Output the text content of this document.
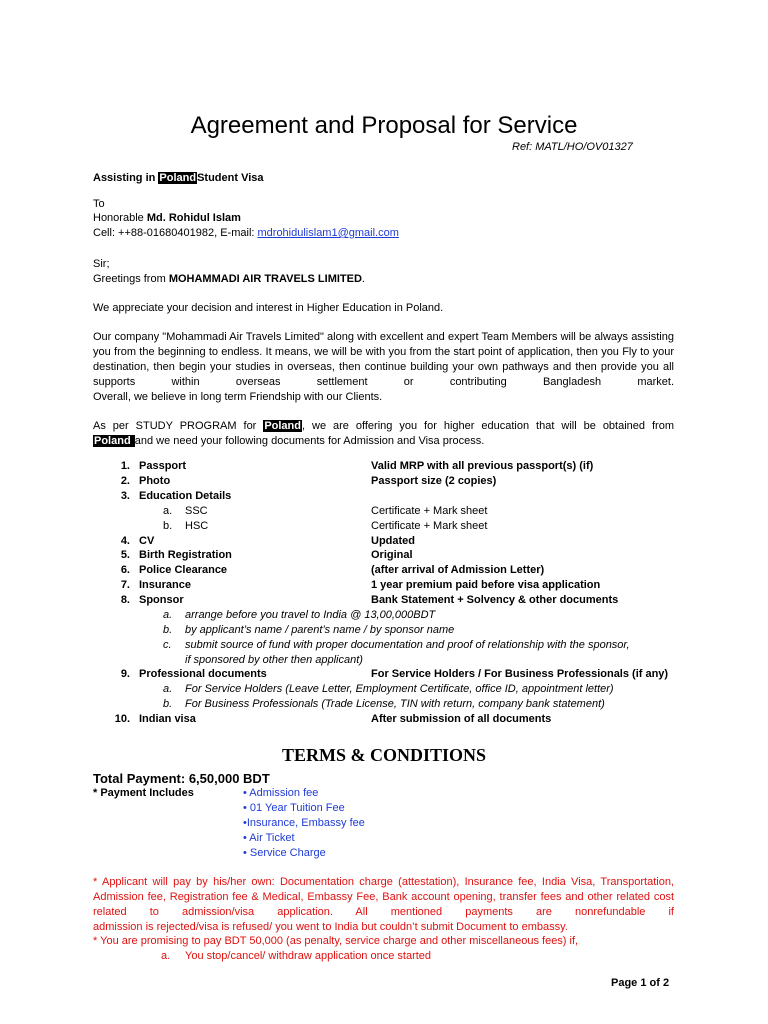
Agreement and Proposal for Service
Ref: MATL/HO/OV01327
Assisting in PolandStudent Visa
To
Honorable Md. Rohidul Islam
Cell: ++88-01680401982, E-mail: mdrohidulislam1@gmail.com
Sir;
Greetings from MOHAMMADI AIR TRAVELS LIMITED.
We appreciate your decision and interest in Higher Education in Poland.
Our company "Mohammadi Air Travels Limited" along with excellent and expert Team Members will be always assisting you from the beginning to endless. It means, we will be with you from the start point of application, then you Fly to your destination, then begin your studies in overseas, then continue building your own pathways and then provide you all supports within overseas settlement or contributing Bangladesh market.
Overall, we believe in long term Friendship with our Clients.
As per STUDY PROGRAM for Poland, we are offering you for higher education that will be obtained from
Poland and we need your following documents for Admission and Visa process.
1. Passport	Valid MRP with all previous passport(s) (if)
2. Photo	Passport size (2 copies)
3. Education Details
a. SSC	Certificate + Mark sheet
b. HSC	Certificate + Mark sheet
4. CV	Updated
5. Birth Registration	Original
6. Police Clearance	(after arrival of Admission Letter)
7. Insurance	1 year premium paid before visa application
8. Sponsor	Bank Statement + Solvency & other documents
a. arrange before you travel to India @ 13,00,000BDT
b. by applicant’s name / parent’s name / by sponsor name
c. submit source of fund with proper documentation and proof of relationship with the sponsor,
if sponsored by other then applicant)
9. Professional documents	For Service Holders / For Business Professionals (if any)
a. For Service Holders (Leave Letter, Employment Certificate, office ID, appointment letter)
b. For Business Professionals (Trade License, TIN with return, company bank statement)
10. Indian visa	After submission of all documents
TERMS & CONDITIONS
Total Payment: 6,50,000 BDT
* Payment Includes	• Admission fee
• 01 Year Tuition Fee
•Insurance, Embassy fee
• Air Ticket
• Service Charge
* Applicant will pay by his/her own: Documentation charge (attestation), Insurance fee, India Visa, Transportation, Admission fee, Registration fee & Medical, Embassy Fee, Bank account opening, transfer fees and other related cost related to admission/visa application. All mentioned payments are nonrefundable if
admission is rejected/visa is refused/ you went to India but couldn’t submit Document to embassy.
* You are promising to pay BDT 50,000 (as penalty, service charge and other miscellaneous fees) if,
a. You stop/cancel/ withdraw application once started
Page 1 of 2
